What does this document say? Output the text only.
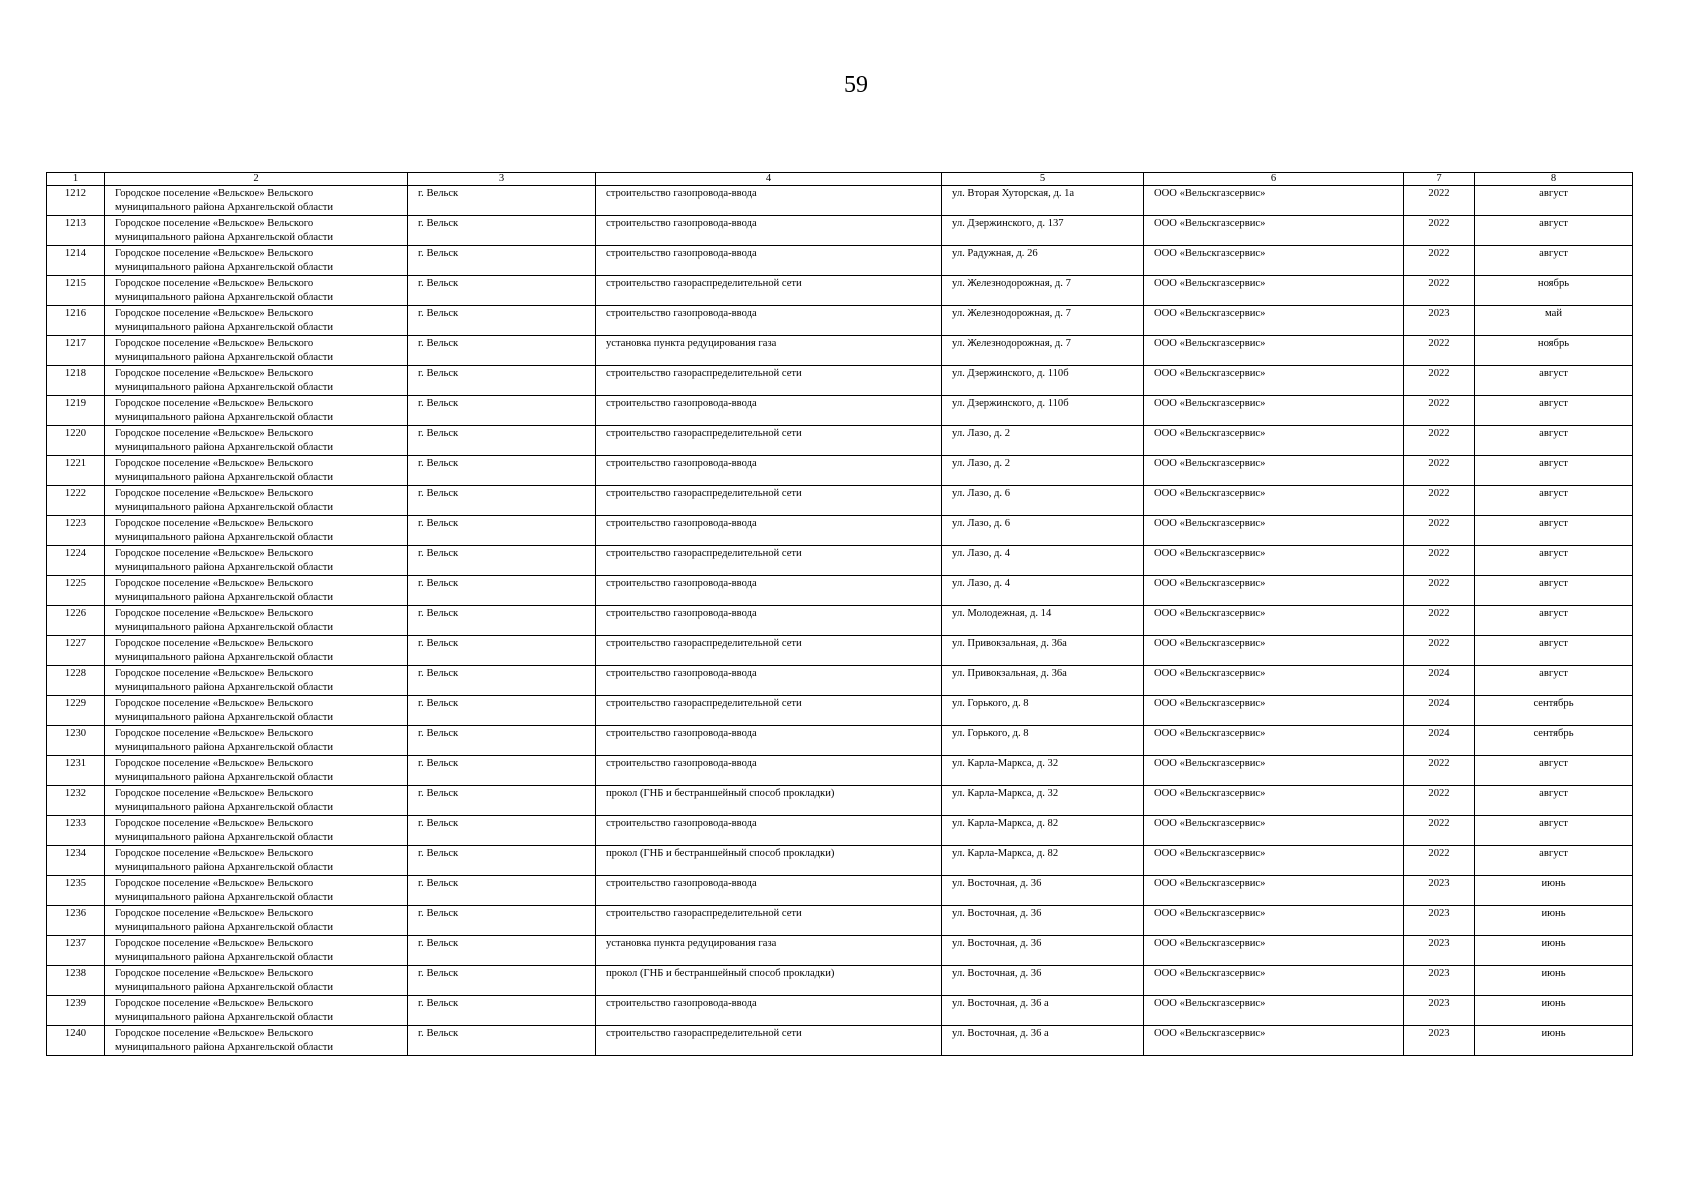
59
1	2	3	4	5	6	7	8
1212	Городское поселение «Вельское» Вельского
муниципального района Архангельской области	г. Вельск	строительство газопровода-ввода	ул. Вторая Хуторская, д. 1а	ООО «Вельскгазсервис»	2022	август
1213	Городское поселение «Вельское» Вельского
муниципального района Архангельской области	г. Вельск	строительство газопровода-ввода	ул. Дзержинского, д. 137	ООО «Вельскгазсервис»	2022	август
1214	Городское поселение «Вельское» Вельского
муниципального района Архангельской области	г. Вельск	строительство газопровода-ввода	ул. Радужная, д. 26	ООО «Вельскгазсервис»	2022	август
1215	Городское поселение «Вельское» Вельского
муниципального района Архангельской области	г. Вельск	строительство газораспределительной сети	ул. Железнодорожная, д. 7	ООО «Вельскгазсервис»	2022	ноябрь
1216	Городское поселение «Вельское» Вельского
муниципального района Архангельской области	г. Вельск	строительство газопровода-ввода	ул. Железнодорожная, д. 7	ООО «Вельскгазсервис»	2023	май
1217	Городское поселение «Вельское» Вельского
муниципального района Архангельской области	г. Вельск	установка пункта редуцирования газа	ул. Железнодорожная, д. 7	ООО «Вельскгазсервис»	2022	ноябрь
1218	Городское поселение «Вельское» Вельского
муниципального района Архангельской области	г. Вельск	строительство газораспределительной сети	ул. Дзержинского, д. 110б	ООО «Вельскгазсервис»	2022	август
1219	Городское поселение «Вельское» Вельского
муниципального района Архангельской области	г. Вельск	строительство газопровода-ввода	ул. Дзержинского, д. 110б	ООО «Вельскгазсервис»	2022	август
1220	Городское поселение «Вельское» Вельского
муниципального района Архангельской области	г. Вельск	строительство газораспределительной сети	ул. Лазо, д. 2	ООО «Вельскгазсервис»	2022	август
1221	Городское поселение «Вельское» Вельского
муниципального района Архангельской области	г. Вельск	строительство газопровода-ввода	ул. Лазо, д. 2	ООО «Вельскгазсервис»	2022	август
1222	Городское поселение «Вельское» Вельского
муниципального района Архангельской области	г. Вельск	строительство газораспределительной сети	ул. Лазо, д. 6	ООО «Вельскгазсервис»	2022	август
1223	Городское поселение «Вельское» Вельского
муниципального района Архангельской области	г. Вельск	строительство газопровода-ввода	ул. Лазо, д. 6	ООО «Вельскгазсервис»	2022	август
1224	Городское поселение «Вельское» Вельского
муниципального района Архангельской области	г. Вельск	строительство газораспределительной сети	ул. Лазо, д. 4	ООО «Вельскгазсервис»	2022	август
1225	Городское поселение «Вельское» Вельского
муниципального района Архангельской области	г. Вельск	строительство газопровода-ввода	ул. Лазо, д. 4	ООО «Вельскгазсервис»	2022	август
1226	Городское поселение «Вельское» Вельского
муниципального района Архангельской области	г. Вельск	строительство газопровода-ввода	ул. Молодежная, д. 14	ООО «Вельскгазсервис»	2022	август
1227	Городское поселение «Вельское» Вельского
муниципального района Архангельской области	г. Вельск	строительство газораспределительной сети	ул. Привокзальная, д. 36а	ООО «Вельскгазсервис»	2022	август
1228	Городское поселение «Вельское» Вельского
муниципального района Архангельской области	г. Вельск	строительство газопровода-ввода	ул. Привокзальная, д. 36а	ООО «Вельскгазсервис»	2024	август
1229	Городское поселение «Вельское» Вельского
муниципального района Архангельской области	г. Вельск	строительство газораспределительной сети	ул. Горького, д. 8	ООО «Вельскгазсервис»	2024	сентябрь
1230	Городское поселение «Вельское» Вельского
муниципального района Архангельской области	г. Вельск	строительство газопровода-ввода	ул. Горького, д. 8	ООО «Вельскгазсервис»	2024	сентябрь
1231	Городское поселение «Вельское» Вельского
муниципального района Архангельской области	г. Вельск	строительство газопровода-ввода	ул. Карла-Маркса, д. 32	ООО «Вельскгазсервис»	2022	август
1232	Городское поселение «Вельское» Вельского
муниципального района Архангельской области	г. Вельск	прокол (ГНБ и бестраншейный способ прокладки)	ул. Карла-Маркса, д. 32	ООО «Вельскгазсервис»	2022	август
1233	Городское поселение «Вельское» Вельского
муниципального района Архангельской области	г. Вельск	строительство газопровода-ввода	ул. Карла-Маркса, д. 82	ООО «Вельскгазсервис»	2022	август
1234	Городское поселение «Вельское» Вельского
муниципального района Архангельской области	г. Вельск	прокол (ГНБ и бестраншейный способ прокладки)	ул. Карла-Маркса, д. 82	ООО «Вельскгазсервис»	2022	август
1235	Городское поселение «Вельское» Вельского
муниципального района Архангельской области	г. Вельск	строительство газопровода-ввода	ул. Восточная, д. 36	ООО «Вельскгазсервис»	2023	июнь
1236	Городское поселение «Вельское» Вельского
муниципального района Архангельской области	г. Вельск	строительство газораспределительной сети	ул. Восточная, д. 36	ООО «Вельскгазсервис»	2023	июнь
1237	Городское поселение «Вельское» Вельского
муниципального района Архангельской области	г. Вельск	установка пункта редуцирования газа	ул. Восточная, д. 36	ООО «Вельскгазсервис»	2023	июнь
1238	Городское поселение «Вельское» Вельского
муниципального района Архангельской области	г. Вельск	прокол (ГНБ и бестраншейный способ прокладки)	ул. Восточная, д. 36	ООО «Вельскгазсервис»	2023	июнь
1239	Городское поселение «Вельское» Вельского
муниципального района Архангельской области	г. Вельск	строительство газопровода-ввода	ул. Восточная, д. 36 а	ООО «Вельскгазсервис»	2023	июнь
1240	Городское поселение «Вельское» Вельского
муниципального района Архангельской области	г. Вельск	строительство газораспределительной сети	ул. Восточная, д. 36 а	ООО «Вельскгазсервис»	2023	июнь
